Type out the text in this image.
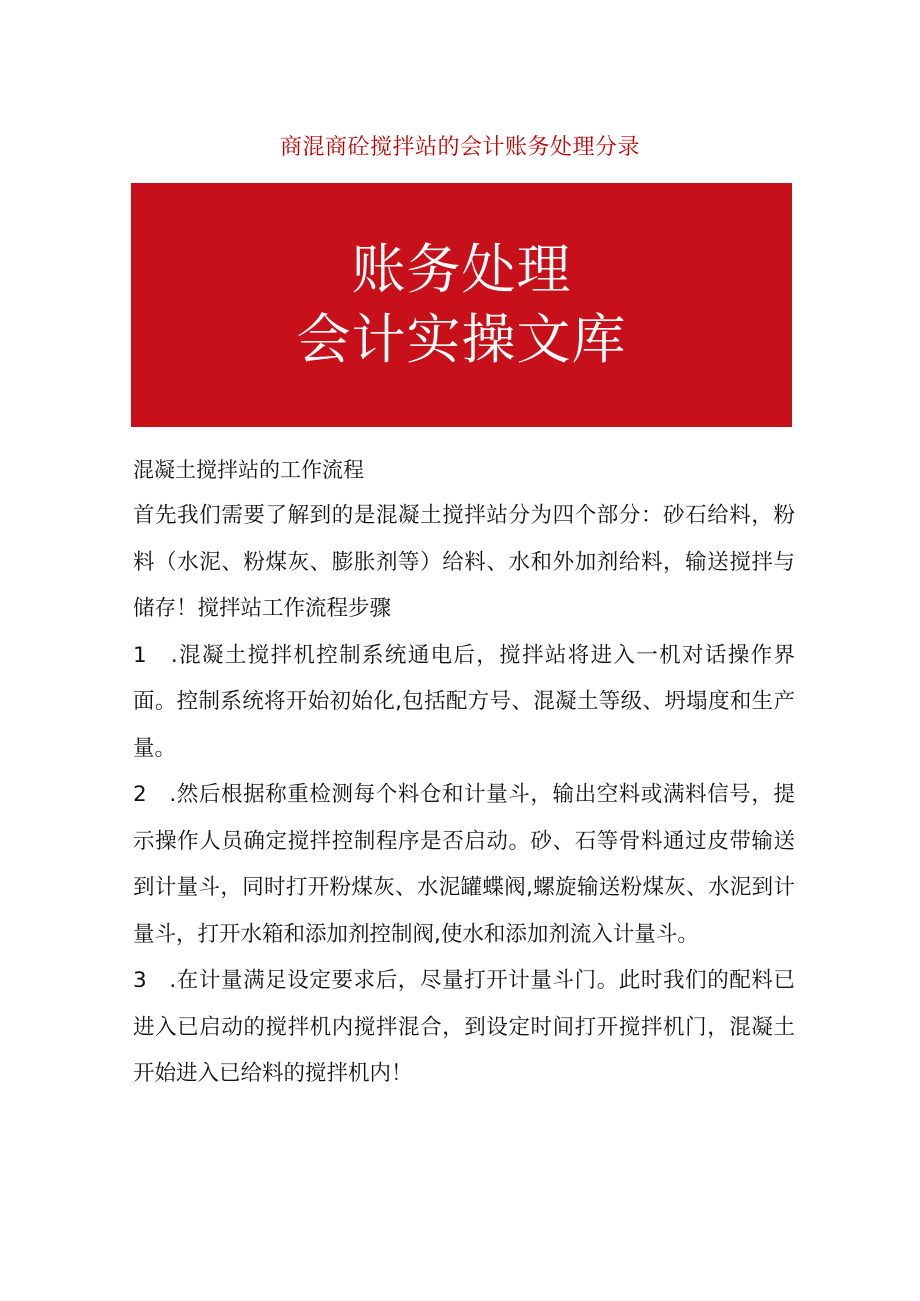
商混商砼搅拌站的会计账务处理分录
账务处理
会计实操文库
混凝土搅拌站的工作流程

首先我们需要了解到的是混凝土搅拌站分为四个部分：砂石给料，粉料（水泥、粉煤灰、膨胀剂等）给料、水和外加剂给料，输送搅拌与储存！搅拌站工作流程步骤

1　.混凝土搅拌机控制系统通电后，搅拌站将进入一机对话操作界面。控制系统将开始初始化,包括配方号、混凝土等级、坍塌度和生产量。

2　.然后根据称重检测每个料仓和计量斗，输出空料或满料信号，提示操作人员确定搅拌控制程序是否启动。砂、石等骨料通过皮带输送到计量斗，同时打开粉煤灰、水泥罐蝶阀,螺旋输送粉煤灰、水泥到计量斗，打开水箱和添加剂控制阀,使水和添加剂流入计量斗。

3　.在计量满足设定要求后，尽量打开计量斗门。此时我们的配料已进入已启动的搅拌机内搅拌混合，到设定时间打开搅拌机门，混凝土开始进入已给料的搅拌机内！
